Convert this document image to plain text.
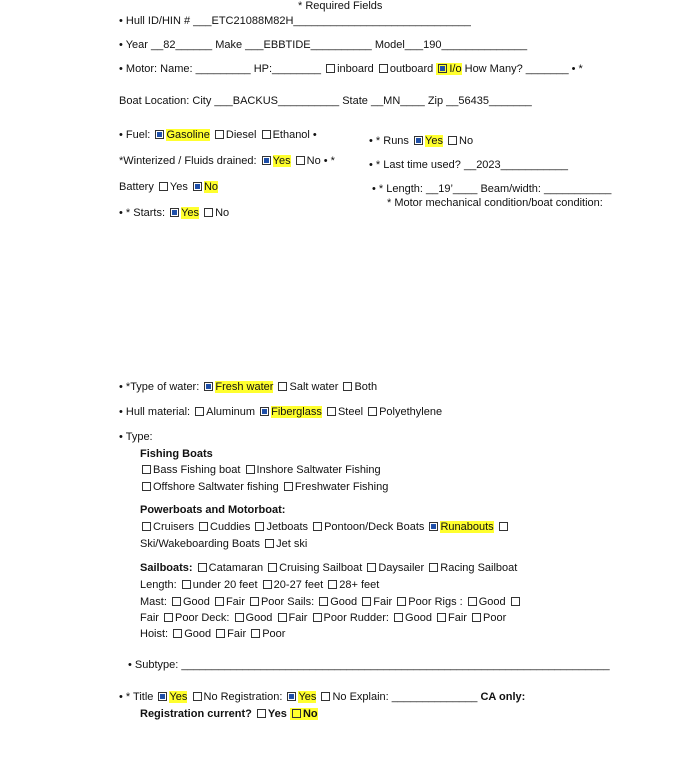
* Required Fields
• Hull ID/HIN # ___ETC21088M82H_____________________________
• Year __82______ Make ___EBBTIDE__________ Model___190______________
• Motor: Name: _________ HP:________ inboard outboard I/o How Many? _______ • *
Boat Location: City ___BACKUS__________ State __MN____ Zip __56435_______
• Fuel: Gasoline Diesel Ethanol •	• * Runs Yes No
*Winterized / Fluids drained: Yes No • *	• * Last time used? __2023___________
Battery Yes No	• * Length: __19’____ Beam/width: ___________
* Motor mechanical condition/boat condition:
• * Starts: Yes No
• *Type of water: Fresh water Salt water Both
• Hull material: Aluminum Fiberglass Steel Polyethylene
• Type:
Fishing Boats
Bass Fishing boat Inshore Saltwater Fishing
Offshore Saltwater fishing Freshwater Fishing
Powerboats and Motorboat:
Cruisers Cuddies Jetboats Pontoon/Deck Boats Runabouts
Ski/Wakeboarding Boats Jet ski
Sailboats: Catamaran Cruising Sailboat Daysailer Racing Sailboat
Length: under 20 feet 20-27 feet 28+ feet
Mast: Good Fair Poor Sails: Good Fair Poor Rigs : Good
Fair Poor Deck: Good Fair Poor Rudder: Good Fair Poor
Hoist: Good Fair Poor
• Subtype: ______________________________________________________________________
• * Title Yes No Registration: Yes No Explain: ______________ CA only:
Registration current? Yes No
